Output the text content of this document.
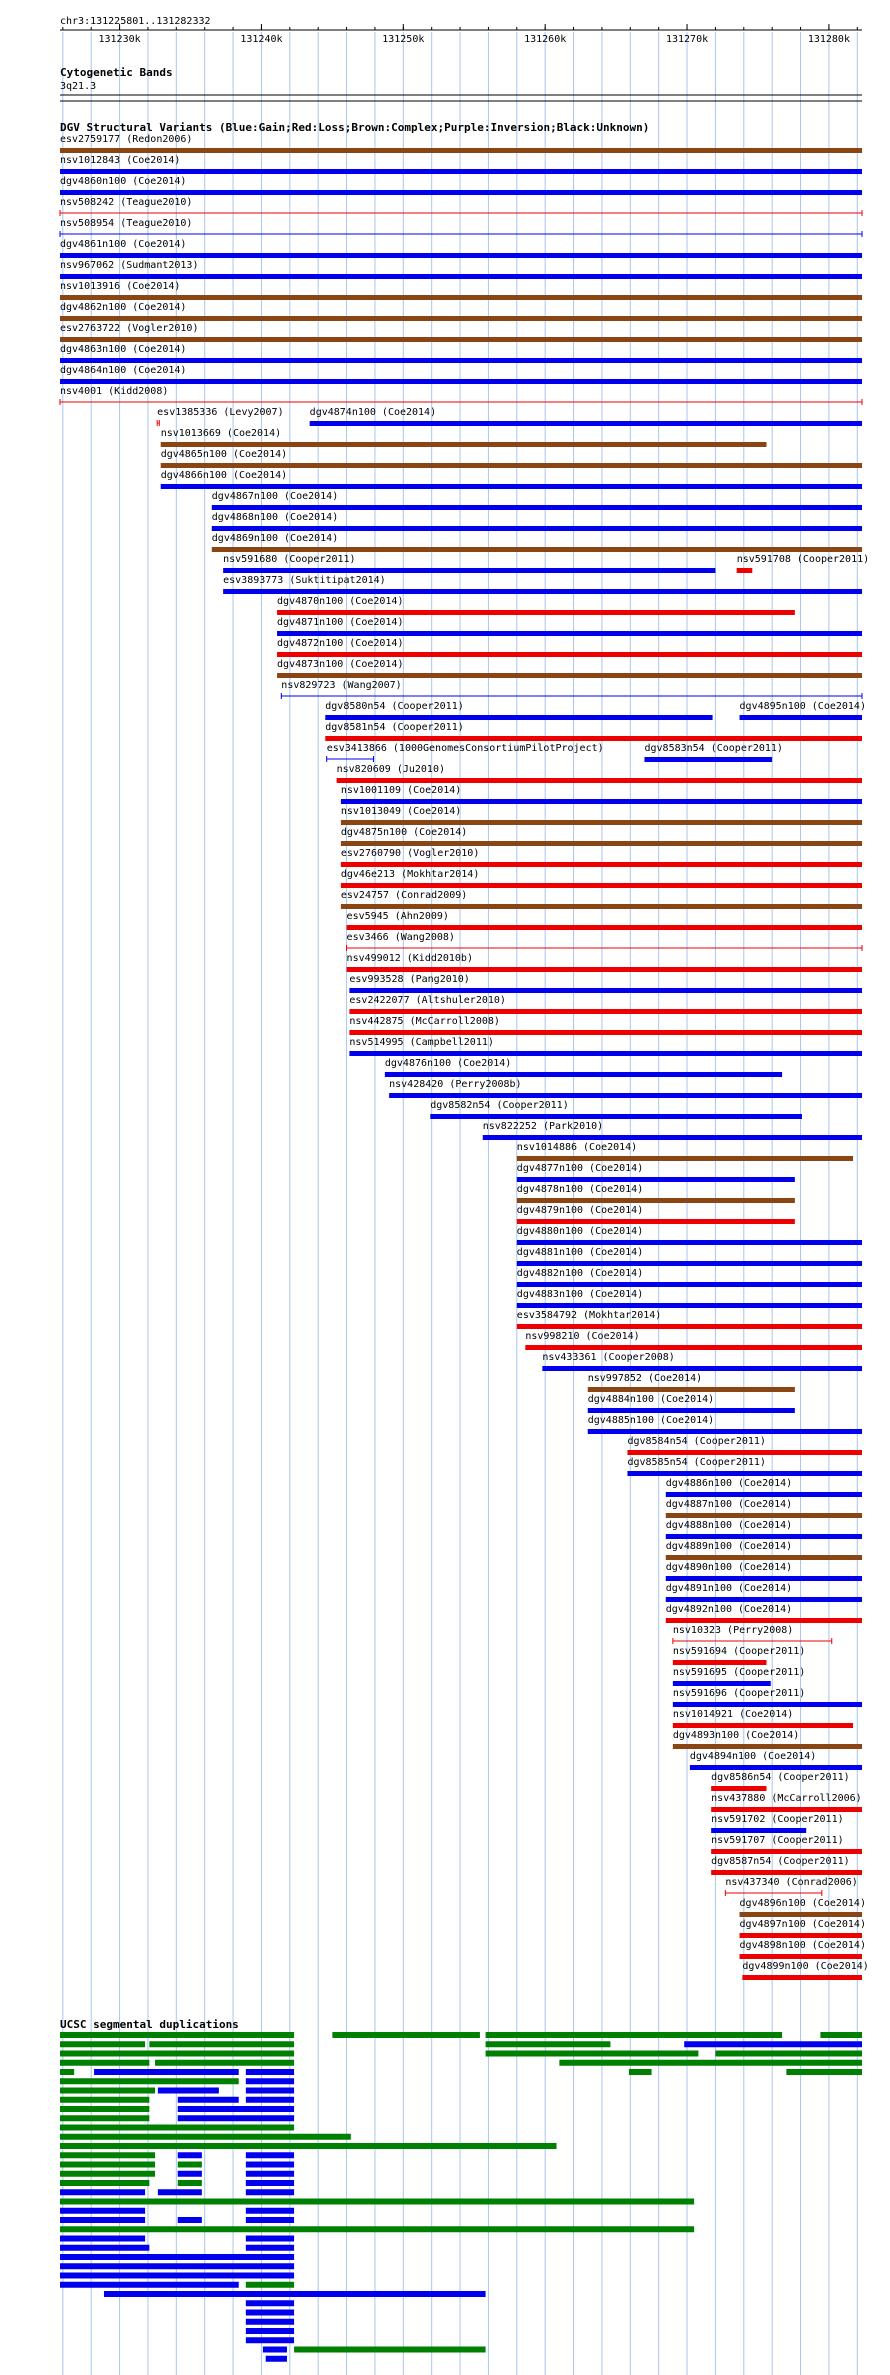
chr3:131225801..131282332
131230k	131240k	131250k	131260k	131270k	131280k
Cytogenetic Bands
3q21.3
DGV Structural Variants (Blue:Gain;Red:Loss;Brown:Complex;Purple:Inversion;Black:Unknown)
esv2759177 (Redon2006)
nsv1012843 (Coe2014)
dgv4860n100 (Coe2014)
nsv508242 (Teague2010)
nsv508954 (Teague2010)
dgv4861n100 (Coe2014)
nsv967062 (Sudmant2013)
nsv1013916 (Coe2014)
dgv4862n100 (Coe2014)
esv2763722 (Vogler2010)
dgv4863n100 (Coe2014)
dgv4864n100 (Coe2014)
nsv4001 (Kidd2008)
esv1385336 (Levy2007)	dgv4874n100 (Coe2014)
nsv1013669 (Coe2014)
dgv4865n100 (Coe2014)
dgv4866n100 (Coe2014)
dgv4867n100 (Coe2014)
dgv4868n100 (Coe2014)
dgv4869n100 (Coe2014)
nsv591680 (Cooper2011)	nsv591708 (Cooper2011)
esv3893773 (Suktitipat2014)
dgv4870n100 (Coe2014)
dgv4871n100 (Coe2014)
dgv4872n100 (Coe2014)
dgv4873n100 (Coe2014)
nsv829723 (Wang2007)
dgv8580n54 (Cooper2011)	dgv4895n100 (Coe2014)
dgv8581n54 (Cooper2011)
esv3413866 (1000GenomesConsortiumPilotProject)	dgv8583n54 (Cooper2011)
nsv820609 (Ju2010)
nsv1001109 (Coe2014)
nsv1013049 (Coe2014)
dgv4875n100 (Coe2014)
esv2760790 (Vogler2010)
dgv46e213 (Mokhtar2014)
esv24757 (Conrad2009)
esv5945 (Ahn2009)
esv3466 (Wang2008)
nsv499012 (Kidd2010b)
esv993528 (Pang2010)
esv2422077 (Altshuler2010)
nsv442875 (McCarroll2008)
nsv514995 (Campbell2011)
dgv4876n100 (Coe2014)
nsv428420 (Perry2008b)
dgv8582n54 (Cooper2011)
nsv822252 (Park2010)
nsv1014886 (Coe2014)
dgv4877n100 (Coe2014)
dgv4878n100 (Coe2014)
dgv4879n100 (Coe2014)
dgv4880n100 (Coe2014)
dgv4881n100 (Coe2014)
dgv4882n100 (Coe2014)
dgv4883n100 (Coe2014)
esv3584792 (Mokhtar2014)
nsv998210 (Coe2014)
nsv433361 (Cooper2008)
nsv997852 (Coe2014)
dgv4884n100 (Coe2014)
dgv4885n100 (Coe2014)
dgv8584n54 (Cooper2011)
dgv8585n54 (Cooper2011)
dgv4886n100 (Coe2014)
dgv4887n100 (Coe2014)
dgv4888n100 (Coe2014)
dgv4889n100 (Coe2014)
dgv4890n100 (Coe2014)
dgv4891n100 (Coe2014)
dgv4892n100 (Coe2014)
nsv10323 (Perry2008)
nsv591694 (Cooper2011)
nsv591695 (Cooper2011)
nsv591696 (Cooper2011)
nsv1014921 (Coe2014)
dgv4893n100 (Coe2014)
dgv4894n100 (Coe2014)
dgv8586n54 (Cooper2011)
nsv437880 (McCarroll2006)
nsv591702 (Cooper2011)
nsv591707 (Cooper2011)
dgv8587n54 (Cooper2011)
nsv437340 (Conrad2006)
dgv4896n100 (Coe2014)
dgv4897n100 (Coe2014)
dgv4898n100 (Coe2014)
dgv4899n100 (Coe2014)
UCSC segmental duplications
